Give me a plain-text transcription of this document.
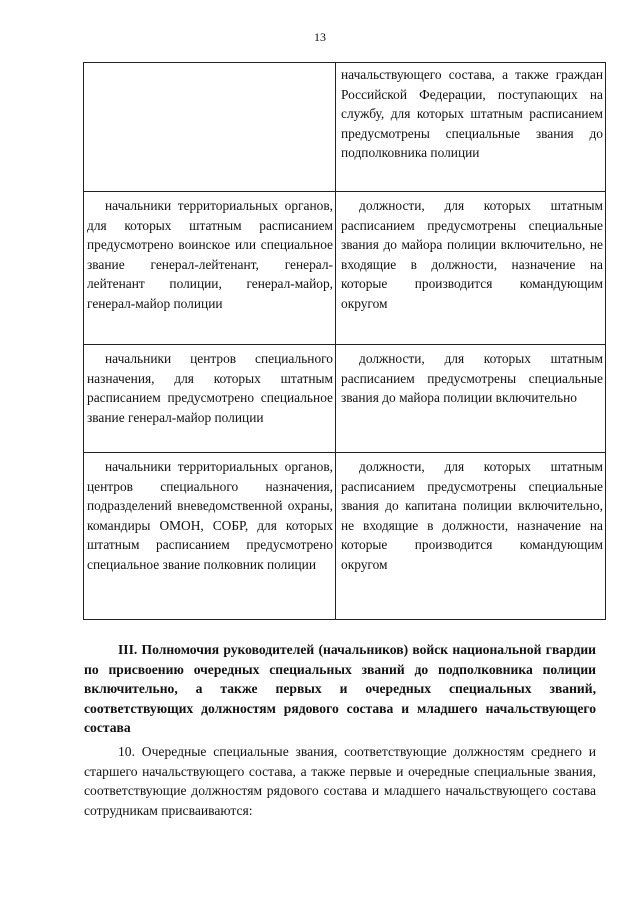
13
	начальствующего состава, а также граждан Российской Федерации, поступающих на службу, для которых штатным расписанием предусмотрены специальные звания до подполковника полиции
начальники территориальных органов, для которых штатным расписанием предусмотрено воинское или специальное звание генерал-лейтенант, генерал-лейтенант полиции, генерал-майор, генерал-майор полиции	должности, для которых штатным расписанием предусмотрены специальные звания до майора полиции включительно, не входящие в должности, назначение на которые производится командующим округом
начальники центров специального назначения, для которых штатным расписанием предусмотрено специальное звание генерал-майор полиции	должности, для которых штатным расписанием предусмотрены специальные звания до майора полиции включительно
начальники территориальных органов, центров специального назначения, подразделений вневедомственной охраны, командиры ОМОН, СОБР, для которых штатным расписанием предусмотрено специальное звание полковник полиции	должности, для которых штатным расписанием предусмотрены специальные звания до капитана полиции включительно, не входящие в должности, назначение на которые производится командующим округом
III. Полномочия руководителей (начальников) войск национальной гвардии по присвоению очередных специальных званий до подполковника полиции включительно, а также первых и очередных специальных званий, соответствующих должностям рядового состава и младшего начальствующего состава
10. Очередные специальные звания, соответствующие должностям среднего и старшего начальствующего состава, а также первые и очередные специальные звания, соответствующие должностям рядового состава и младшего начальствующего состава сотрудникам присваиваются:
